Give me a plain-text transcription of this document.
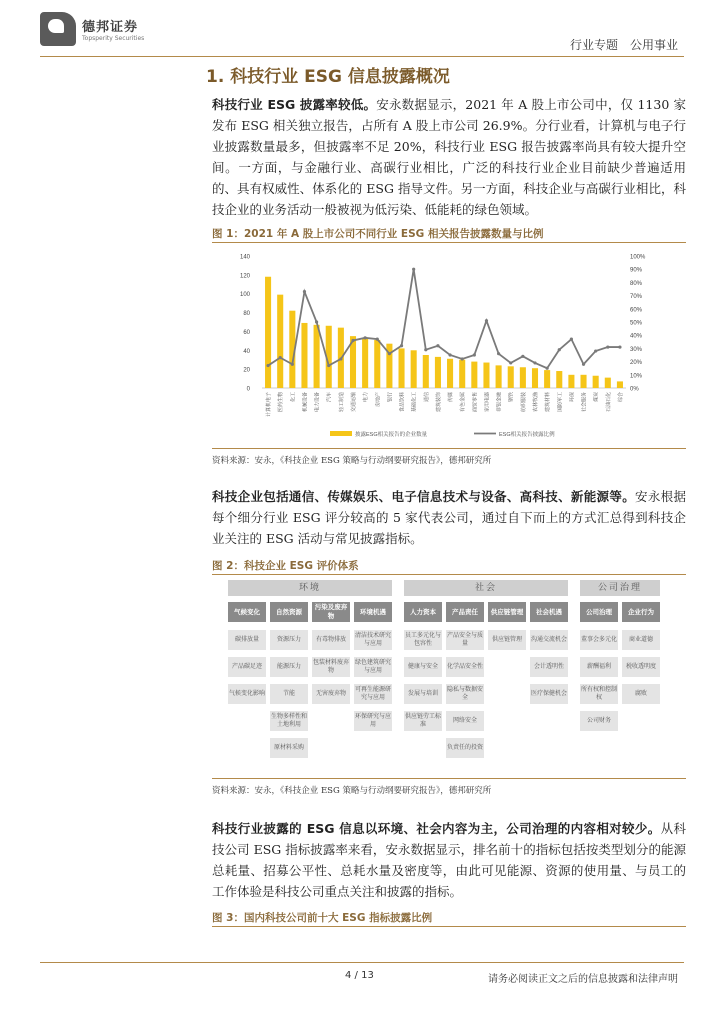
德邦证券
Topsperity Securities	行业专题　公用事业
1. 科技行业 ESG 信息披露概况
科技行业 ESG 披露率较低。安永数据显示，2021 年 A 股上市公司中，仅 1130 家发布 ESG 相关独立报告，占所有 A 股上市公司 26.9%。分行业看，计算机与电子行业披露数量最多，但披露率不足 20%，科技行业 ESG 报告披露率尚具有较大提升空间。一方面，与金融行业、高碳行业相比，广泛的科技行业企业目前缺少普遍适用的、具有权威性、体系化的 ESG 指导文件。另一方面，科技企业与高碳行业相比，科技企业的业务活动一般被视为低污染、低能耗的绿色领域。
图 1：2021 年 A 股上市公司不同行业 ESG 相关报告披露数量与比例
0
20
40
60
80
100
120
140
0%
10%
20%
30%
40%
50%
60%
70%
80%
90%
100%
计算机电子 医药生物 化工 机械设备 电力设备 汽车 轻工制造 交通运输 电力 房地产 银行 食品饮料 基础化工 通信 建筑装饰 传媒 有色金属 商贸零售 家用电器 非银金融 钢铁 纺织服装 农林牧渔 建筑材料 国防军工 环保 社会服务 煤炭 石油石化 综合
披露ESG相关报告的企业数量	ESG相关报告披露比例
资料来源：安永，《科技企业 ESG 策略与行动纲要研究报告》，德邦研究所
科技企业包括通信、传媒娱乐、电子信息技术与设备、高科技、新能源等。安永根据每个细分行业 ESG 评分较高的 5 家代表公司，通过自下而上的方式汇总得到科技企业关注的 ESG 活动与常见披露指标。
图 2：科技企业 ESG 评价体系
环境	社会	公司治理
气候变化	自然资源
污染及废弃物
环境机遇	人力资本	产品责任	供应链管理	社会机遇	公司治理	企业行为
碳排放量
产品碳足迹
气候变化影响
资源压力
能源压力
节能
生物多样性和土地利用
原材料采购
有毒物排放
包装材料废弃物
无害废弃物
清洁技术研究与应用
绿色建筑研究与应用
可再生能源研究与应用
环保研究与应用
员工多元化与包容性
健康与安全
发展与培训
供应链劳工标准
产品安全与质量
化学品安全性
隐私与数据安全
网络安全
负责任的投资
供应链管理	沟通交流机会
会计透明性
医疗保健机会
董事会多元化
薪酬福利
所有权和控制权
公司财务
商业道德
税收透明度
腐败
资料来源：安永，《科技企业 ESG 策略与行动纲要研究报告》，德邦研究所
科技行业披露的 ESG 信息以环境、社会内容为主，公司治理的内容相对较少。从科技公司 ESG 指标披露率来看，安永数据显示，排名前十的指标包括按类型划分的能源总耗量、招募公平性、总耗水量及密度等，由此可见能源、资源的使用量、与员工的工作体验是科技公司重点关注和披露的指标。
图 3：国内科技公司前十大 ESG 指标披露比例
4 / 13	请务必阅读正文之后的信息披露和法律声明
